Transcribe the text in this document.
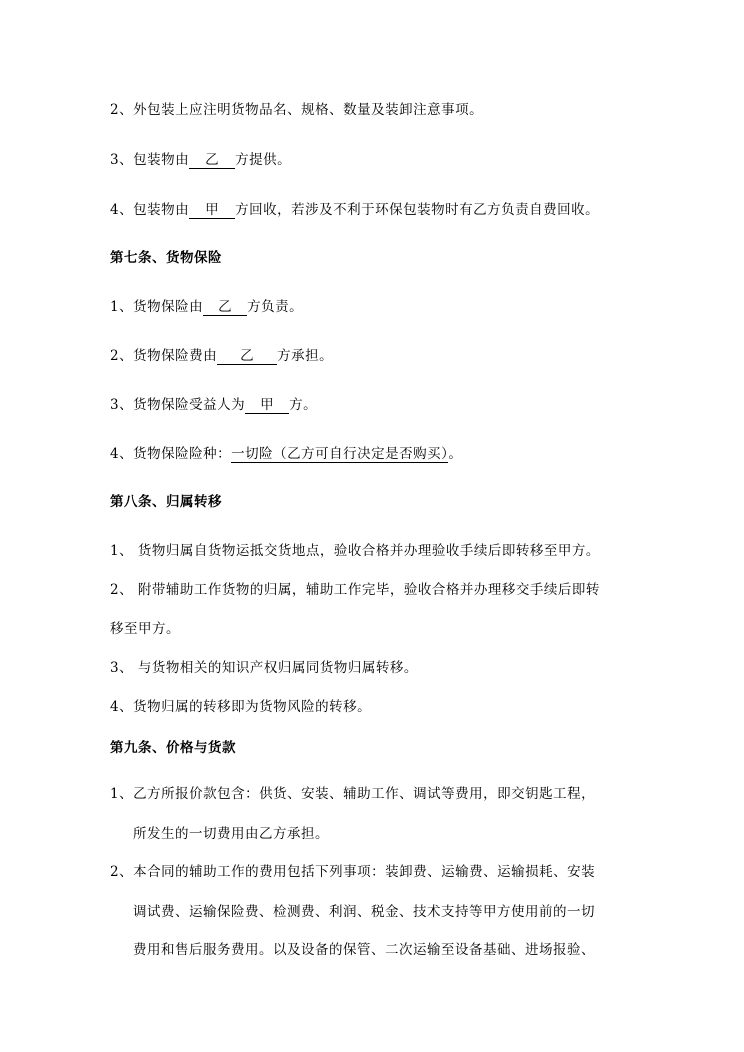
2、外包装上应注明货物品名、规格、数量及装卸注意事项。
3、包装物由 乙 方提供。
4、包装物由 甲 方回收，若涉及不利于环保包装物时有乙方负责自费回收。
第七条、货物保险
1、货物保险由 乙 方负责。
2、货物保险费由 乙 方承担。
3、货物保险受益人为 甲 方。
4、货物保险险种：一切险（乙方可自行决定是否购买）。
第八条、归属转移
1、 货物归属自货物运抵交货地点，验收合格并办理验收手续后即转移至甲方。
2、 附带辅助工作货物的归属，辅助工作完毕，验收合格并办理移交手续后即转
移至甲方。
3、 与货物相关的知识产权归属同货物归属转移。
4、货物归属的转移即为货物风险的转移。
第九条、价格与货款
1、乙方所报价款包含：供货、安装、辅助工作、调试等费用，即交钥匙工程，
所发生的一切费用由乙方承担。
2、本合同的辅助工作的费用包括下列事项：装卸费、运输费、运输损耗、安装
调试费、运输保险费、检测费、利润、税金、技术支持等甲方使用前的一切
费用和售后服务费用。以及设备的保管、二次运输至设备基础、进场报验、
